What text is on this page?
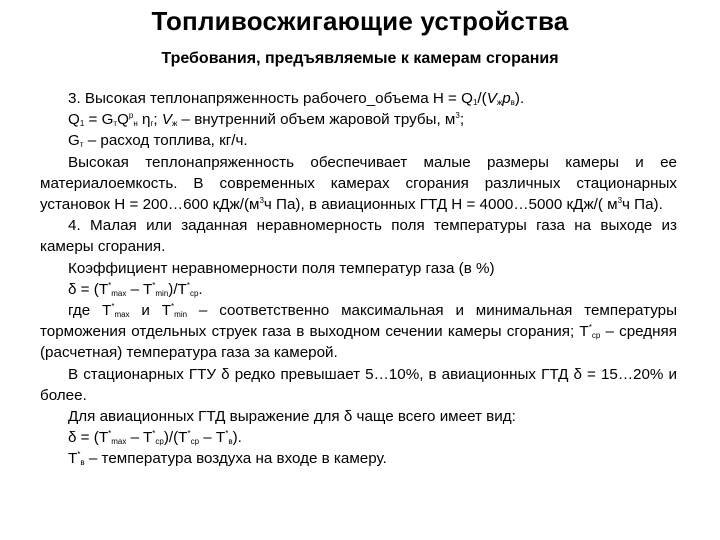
Топливосжигающие устройства
Требования, предъявляемые к камерам сгорания

3. Высокая теплонапряженность рабочего_объема $H = Q_1/(V_жp_в)$.

$Q_1 = G_тQ^р_н$ $\eta_г$; $V_ж$ – внутренний объем жаровой трубы, $м^3$;

$G_т$ – расход топлива, кг/ч.

Высокая теплонапряженность обеспечивает малые размеры камеры и ее материалоемкость. В современных камерах сгорания различных стационарных установок H = 200…600 кДж/($м^3ч$ Па), в авиационных ГТД H = 4000…5000 кДж/( $м^3ч$ Па).

4. Малая или заданная неравномерность поля температуры газа на выходе из камеры сгорания.

Коэффициент неравномерности поля температур газа (в %)

$\delta = (T^*_{max} - T^*_{min})/T^*_{ср}$.

где $T^*_{max}$ и $T^*_{min}$ – соответственно максимальная и минимальная температуры торможения отдельных струек газа в выходном сечении камеры сгорания; $T^*_{ср}$ – средняя (расчетная) температура газа за камерой.

В стационарных ГТУ δ редко превышает 5…10%, в авиационных ГТД δ = 15…20% и более.

Для авиационных ГТД выражение для δ чаще всего имеет вид:

$\delta = (T^*_{max} - T^*_{ср})/(T^*_{ср} - T^*_в)$.

$T^*_в$ – температура воздуха на входе в камеру.
